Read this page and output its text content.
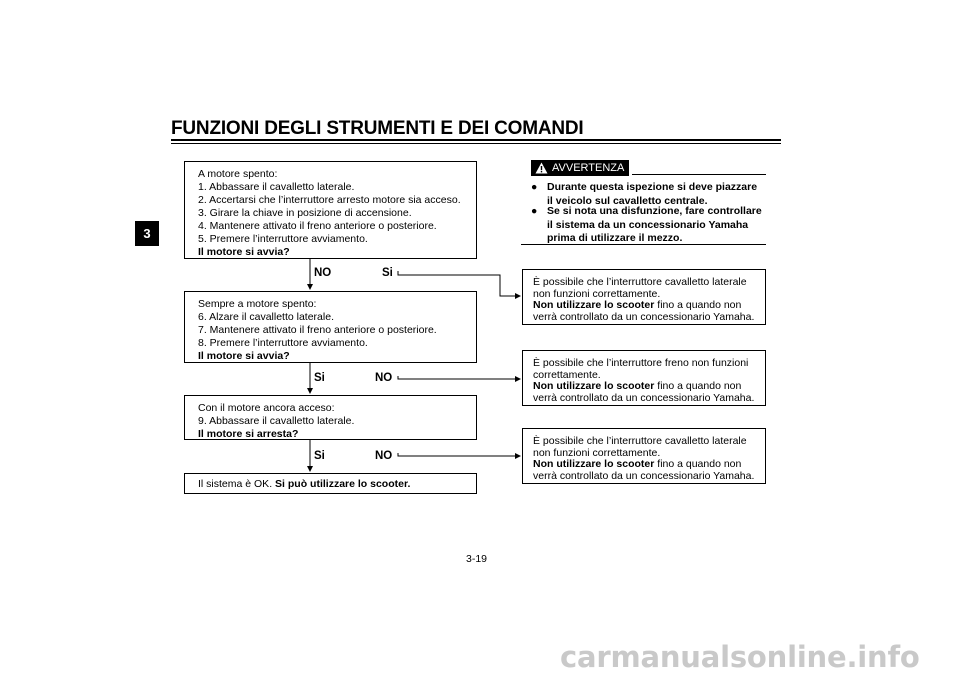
FUNZIONI DEGLI STRUMENTI E DEI COMANDI
3
A motore spento:
1. Abbassare il cavalletto laterale.
2. Accertarsi che l’interruttore arresto motore sia acceso.
3. Girare la chiave in posizione di accensione.
4. Mantenere attivato il freno anteriore o posteriore.
5. Premere l’interruttore avviamento.
Il motore si avvia?
NO	Si
Sempre a motore spento:
6. Alzare il cavalletto laterale.
7. Mantenere attivato il freno anteriore o posteriore.
8. Premere l’interruttore avviamento.
Il motore si avvia?
Si	NO
Con il motore ancora acceso:
9. Abbassare il cavalletto laterale.
Il motore si arresta?
Si	NO
Il sistema è OK. Si può utilizzare lo scooter.
AVVERTENZA
● Durante questa ispezione si deve piazzare
il veicolo sul cavalletto centrale.
● Se si nota una disfunzione, fare controllare
il sistema da un concessionario Yamaha
prima di utilizzare il mezzo.
È possibile che l’interruttore cavalletto laterale
non funzioni correttamente.
Non utilizzare lo scooter fino a quando non
verrà controllato da un concessionario Yamaha.
È possibile che l’interruttore freno non funzioni
correttamente.
Non utilizzare lo scooter fino a quando non
verrà controllato da un concessionario Yamaha.
È possibile che l’interruttore cavalletto laterale
non funzioni correttamente.
Non utilizzare lo scooter fino a quando non
verrà controllato da un concessionario Yamaha.
3-19
carmanualsonline.info
